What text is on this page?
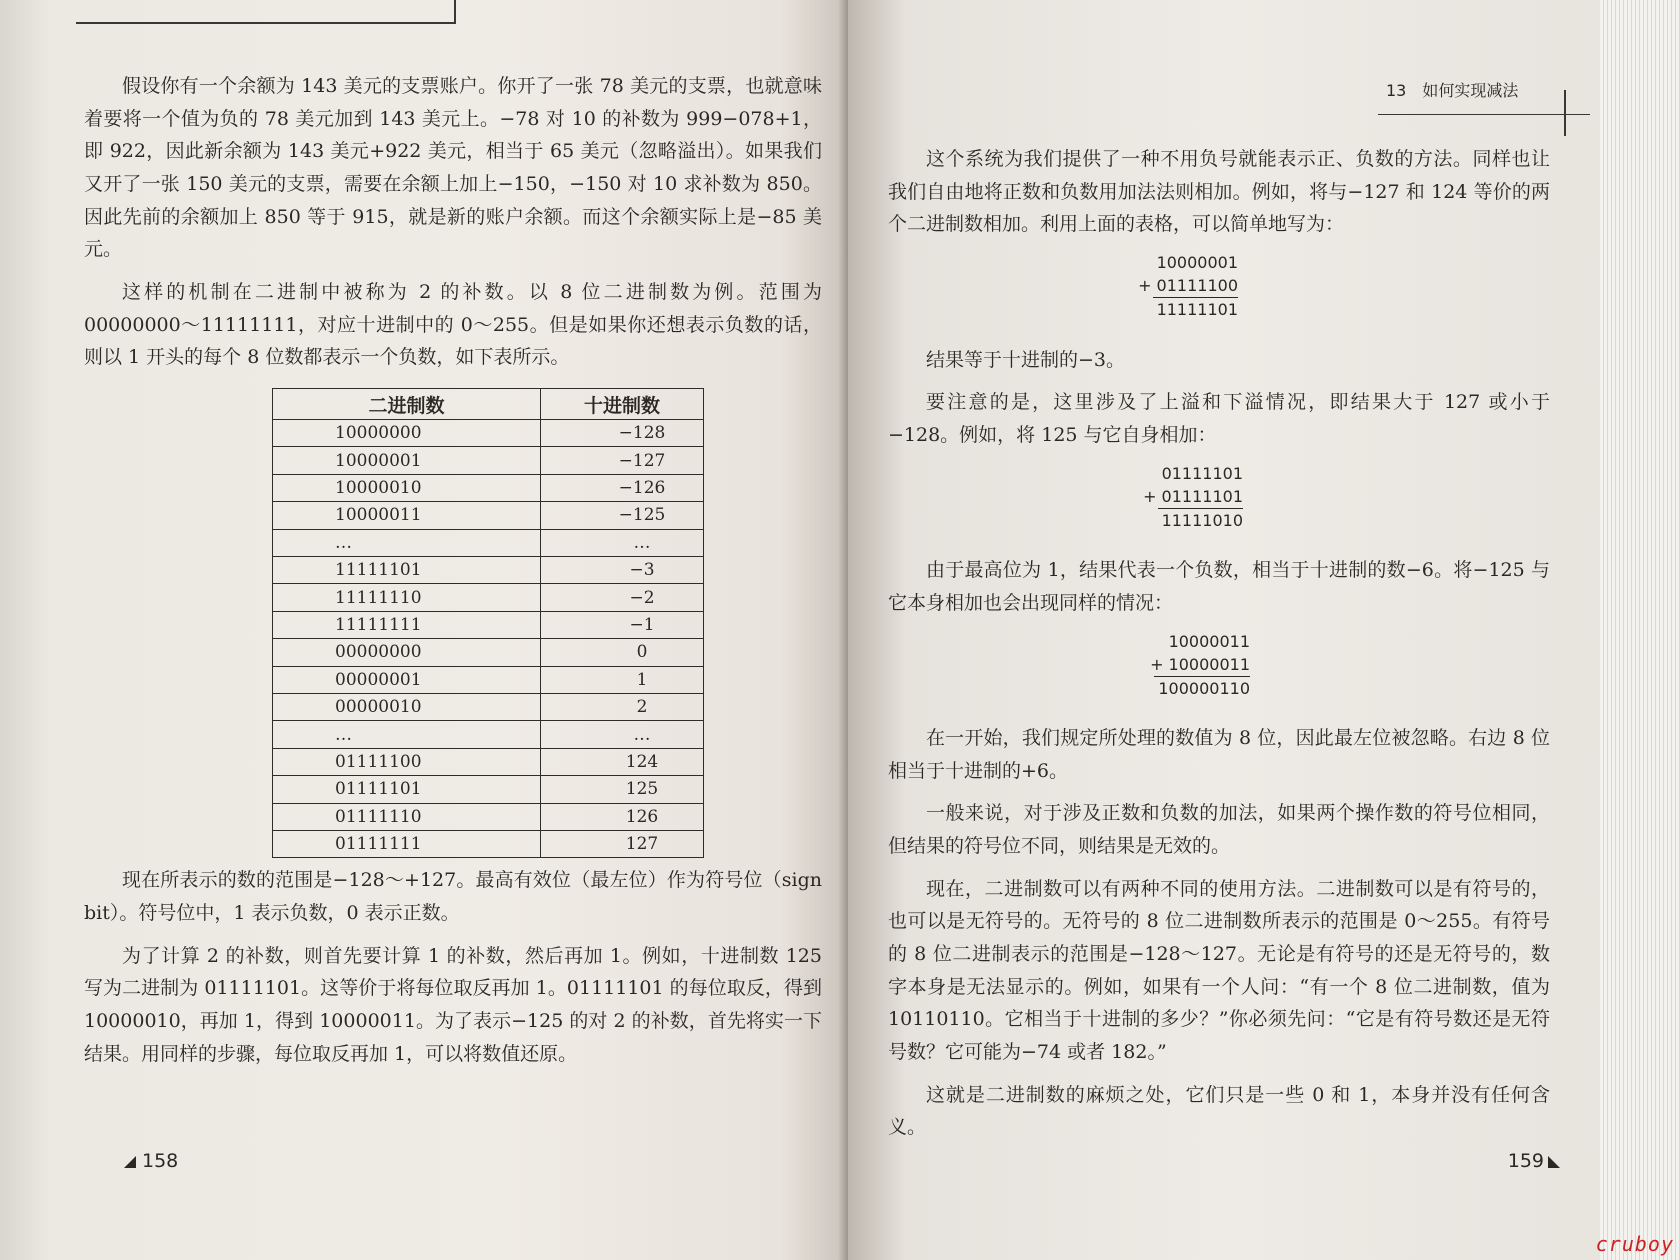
假设你有一个余额为 143 美元的支票账户。你开了一张 78 美元的支票，也就意味着要将一个值为负的 78 美元加到 143 美元上。−78 对 10 的补数为 999−078+1，即 922，因此新余额为 143 美元+922 美元，相当于 65 美元（忽略溢出）。如果我们又开了一张 150 美元的支票，需要在余额上加上−150，−150 对 10 求补数为 850。因此先前的余额加上 850 等于 915，就是新的账户余额。而这个余额实际上是−85 美元。

这样的机制在二进制中被称为 2 的补数。以 8 位二进制数为例。范围为 00000000～11111111，对应十进制中的 0～255。但是如果你还想表示负数的话，则以 1 开头的每个 8 位数都表示一个负数，如下表所示。

二进制数	十进制数
10000000	−128
10000001	−127
10000010	−126
10000011	−125
…	…
11111101	−3
11111110	−2
11111111	−1
00000000	0
00000001	1
00000010	2
…	…
01111100	124
01111101	125
01111110	126
01111111	127

现在所表示的数的范围是−128～+127。最高有效位（最左位）作为符号位（sign bit）。符号位中，1 表示负数，0 表示正数。

为了计算 2 的补数，则首先要计算 1 的补数，然后再加 1。例如，十进制数 125 写为二进制为 01111101。这等价于将每位取反再加 1。01111101 的每位取反，得到 10000010，再加 1，得到 10000011。为了表示−125 的对 2 的补数，首先将实一下结果。用同样的步骤，每位取反再加 1，可以将数值还原。

158
13　如何实现减法

这个系统为我们提供了一种不用负号就能表示正、负数的方法。同样也让我们自由地将正数和负数用加法法则相加。例如，将与−127 和 124 等价的两个二进制数相加。利用上面的表格，可以简单地写为：

10000001
+ 01111100
11111101

结果等于十进制的−3。

要注意的是，这里涉及了上溢和下溢情况，即结果大于 127 或小于−128。例如，将 125 与它自身相加：

01111101
+ 01111101
11111010

由于最高位为 1，结果代表一个负数，相当于十进制的数−6。将−125 与它本身相加也会出现同样的情况：

10000011
+ 10000011
100000110

在一开始，我们规定所处理的数值为 8 位，因此最左位被忽略。右边 8 位相当于十进制的+6。

一般来说，对于涉及正数和负数的加法，如果两个操作数的符号位相同，但结果的符号位不同，则结果是无效的。

现在，二进制数可以有两种不同的使用方法。二进制数可以是有符号的，也可以是无符号的。无符号的 8 位二进制数所表示的范围是 0～255。有符号的 8 位二进制表示的范围是−128～127。无论是有符号的还是无符号的，数字本身是无法显示的。例如，如果有一个人问：“有一个 8 位二进制数，值为 10110110。它相当于十进制的多少？”你必须先问：“它是有符号数还是无符号数？它可能为−74 或者 182。”

这就是二进制数的麻烦之处，它们只是一些 0 和 1，本身并没有任何含义。

159
cruboy
